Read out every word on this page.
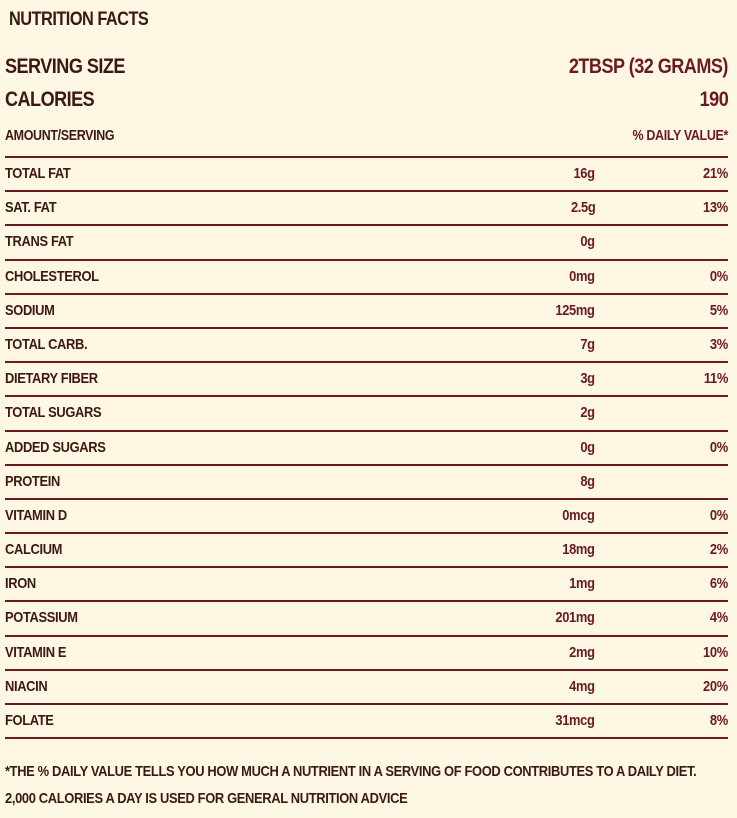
NUTRITION FACTS
SERVING SIZE	2TBSP (32 GRAMS)
CALORIES	190
AMOUNT/SERVING	% DAILY VALUE*
TOTAL FAT	16g	21%
SAT. FAT	2.5g	13%
TRANS FAT	0g
CHOLESTEROL	0mg	0%
SODIUM	125mg	5%
TOTAL CARB.	7g	3%
DIETARY FIBER	3g	11%
TOTAL SUGARS	2g
ADDED SUGARS	0g	0%
PROTEIN	8g
VITAMIN D	0mcg	0%
CALCIUM	18mg	2%
IRON	1mg	6%
POTASSIUM	201mg	4%
VITAMIN E	2mg	10%
NIACIN	4mg	20%
FOLATE	31mcg	8%
*THE % DAILY VALUE TELLS YOU HOW MUCH A NUTRIENT IN A SERVING OF FOOD CONTRIBUTES TO A DAILY DIET. 2,000 CALORIES A DAY IS USED FOR GENERAL NUTRITION ADVICE
